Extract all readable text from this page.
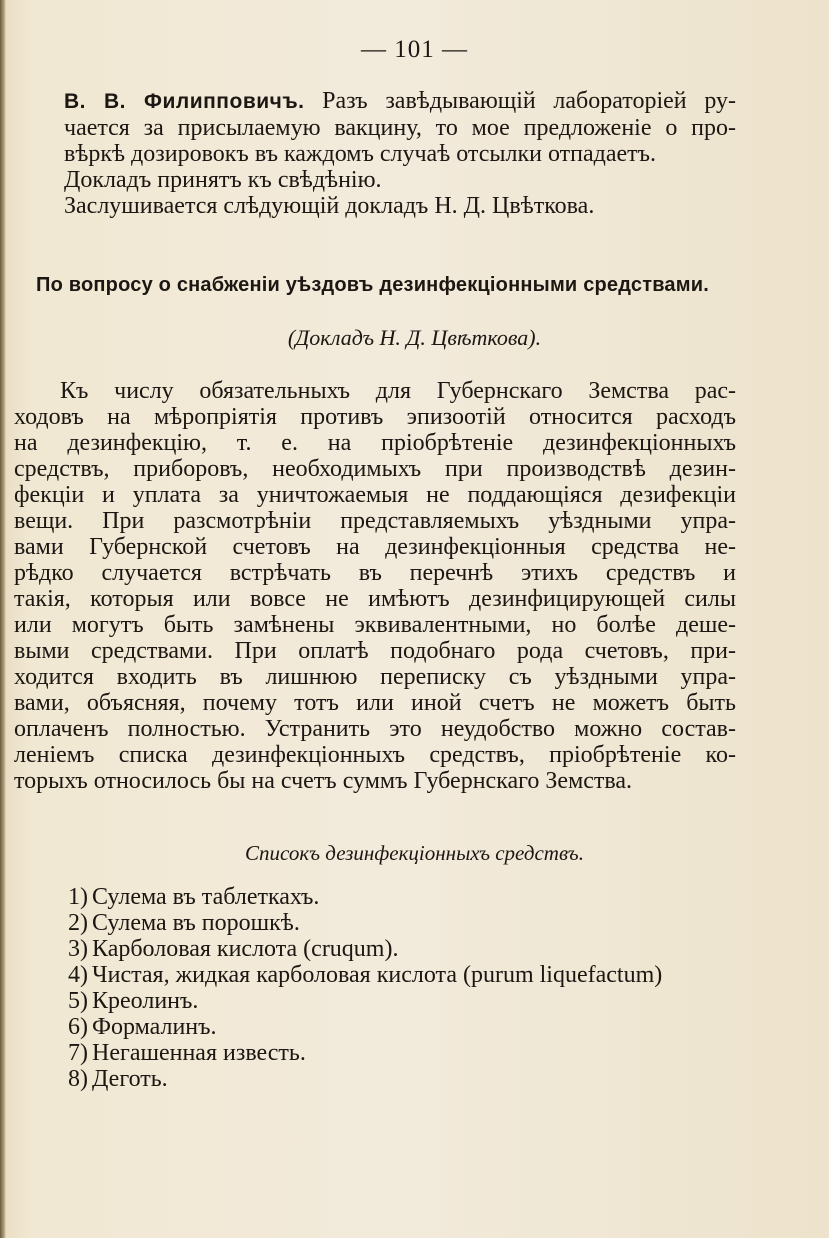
— 101 —
В. В. Филипповичъ. Разъ завѣдывающій лабораторіей ру-
чается за присылаемую вакцину, то мое предложеніе о про-
вѣркѣ дозировокъ въ каждомъ случаѣ отсылки отпадаетъ.
Докладъ принятъ къ свѣдѣнію.
Заслушивается слѣдующій докладъ Н. Д. Цвѣткова.
По вопросу о снабженіи уѣздовъ дезинфекціонными средствами.
(Докладъ Н. Д. Цвѣткова).
Къ числу обязательныхъ для Губернскаго Земства рас-
ходовъ на мѣропріятія противъ эпизоотій относится расходъ
на дезинфекцію, т. е. на пріобрѣтеніе дезинфекціонныхъ
средствъ, приборовъ, необходимыхъ при производствѣ дезин-
фекціи и уплата за уничтожаемыя не поддающіяся дезифекціи
вещи. При разсмотрѣніи представляемыхъ уѣздными упра-
вами Губернской счетовъ на дезинфекціонныя средства не-
рѣдко случается встрѣчать въ перечнѣ этихъ средствъ и
такія, которыя или вовсе не имѣютъ дезинфицирующей силы
или могутъ быть замѣнены эквивалентными, но болѣе деше-
выми средствами. При оплатѣ подобнаго рода счетовъ, при-
ходится входить въ лишнюю переписку съ уѣздными упра-
вами, объясняя, почему тотъ или иной счетъ не можетъ быть
оплаченъ полностью. Устранить это неудобство можно состав-
леніемъ списка дезинфекціонныхъ средствъ, пріобрѣтеніе ко-
торыхъ относилось бы на счетъ суммъ Губернскаго Земства.
Списокъ дезинфекціонныхъ средствъ.
1) Сулема въ таблеткахъ.
2) Сулема въ порошкѣ.
3) Карболовая кислота (cruqum).
4) Чистая, жидкая карболовая кислота (purum liquefactum)
5) Креолинъ.
6) Формалинъ.
7) Негашенная известь.
8) Деготь.
